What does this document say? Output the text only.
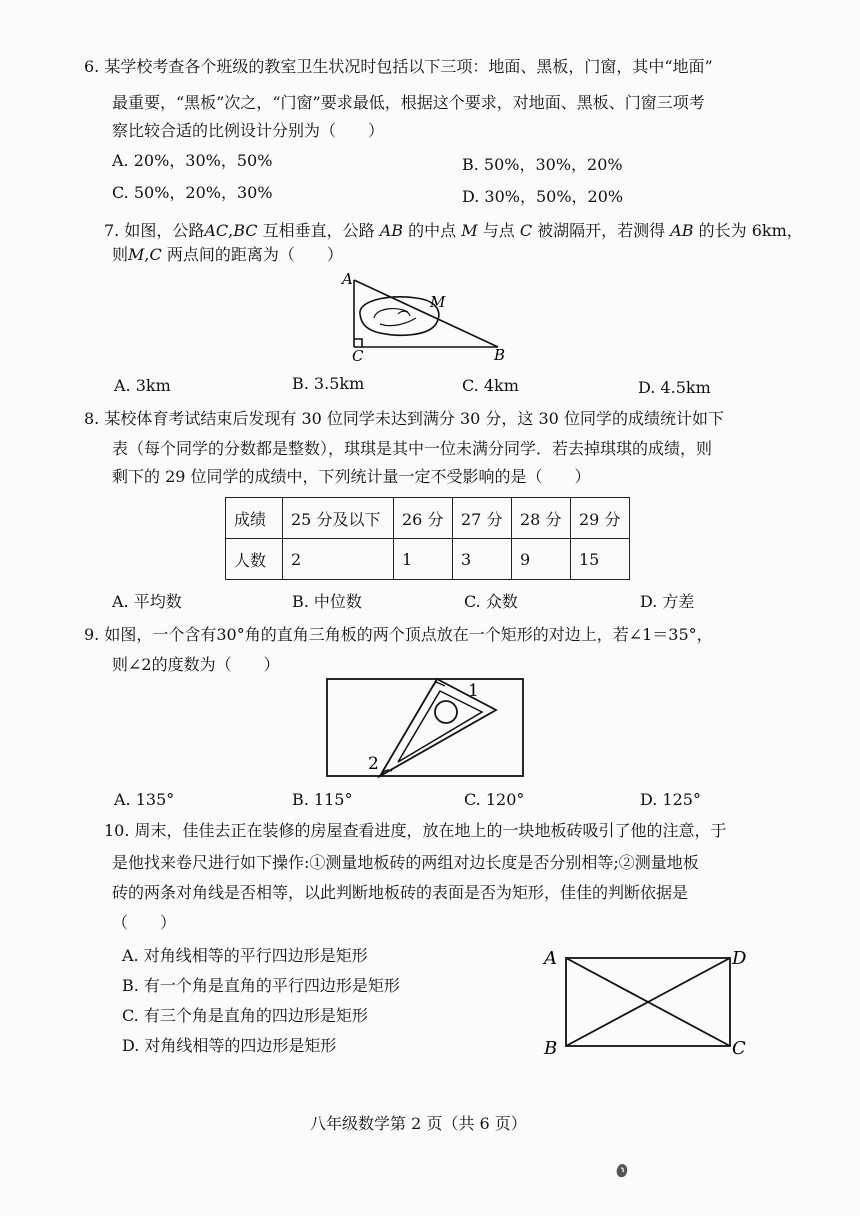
6. 某学校考查各个班级的教室卫生状况时包括以下三项：地面、黑板，门窗，其中“地面”
最重要，“黑板”次之，“门窗”要求最低，根据这个要求，对地面、黑板、门窗三项考
察比较合适的比例设计分别为（　　）
A. 20%，30%，50%	B. 50%，30%，20%
C. 50%，20%，30%	D. 30%，50%，20%
7. 如图，公路AC,BC 互相垂直，公路 AB 的中点 M 与点 C 被湖隔开，若测得 AB 的长为 6km，
则M,C 两点间的距离为（　　）
A. 3km	B. 3.5km	C. 4km	D. 4.5km
A
M
C	B
8. 某校体育考试结束后发现有 30 位同学未达到满分 30 分，这 30 位同学的成绩统计如下
表（每个同学的分数都是整数），琪琪是其中一位未满分同学．若去掉琪琪的成绩，则
剩下的 29 位同学的成绩中，下列统计量一定不受影响的是（　　）
成绩	25 分及以下	26 分	27 分	28 分	29 分
人数	2	1	3	9	15
A. 平均数	B. 中位数	C. 众数	D. 方差
9. 如图，一个含有30°角的直角三角板的两个顶点放在一个矩形的对边上，若∠1＝35°，
则∠2的度数为（　　）
1
2
A. 135°	B. 115°	C. 120°	D. 125°
10. 周末，佳佳去正在装修的房屋查看进度，放在地上的一块地板砖吸引了他的注意，于
是他找来卷尺进行如下操作:①测量地板砖的两组对边长度是否分别相等;②测量地板
砖的两条对角线是否相等，以此判断地板砖的表面是否为矩形，佳佳的判断依据是
（　　）
A. 对角线相等的平行四边形是矩形
B. 有一个角是直角的平行四边形是矩形
C. 有三个角是直角的四边形是矩形
D. 对角线相等的四边形是矩形
A	D
B	C
八年级数学第 2 页（共 6 页）
